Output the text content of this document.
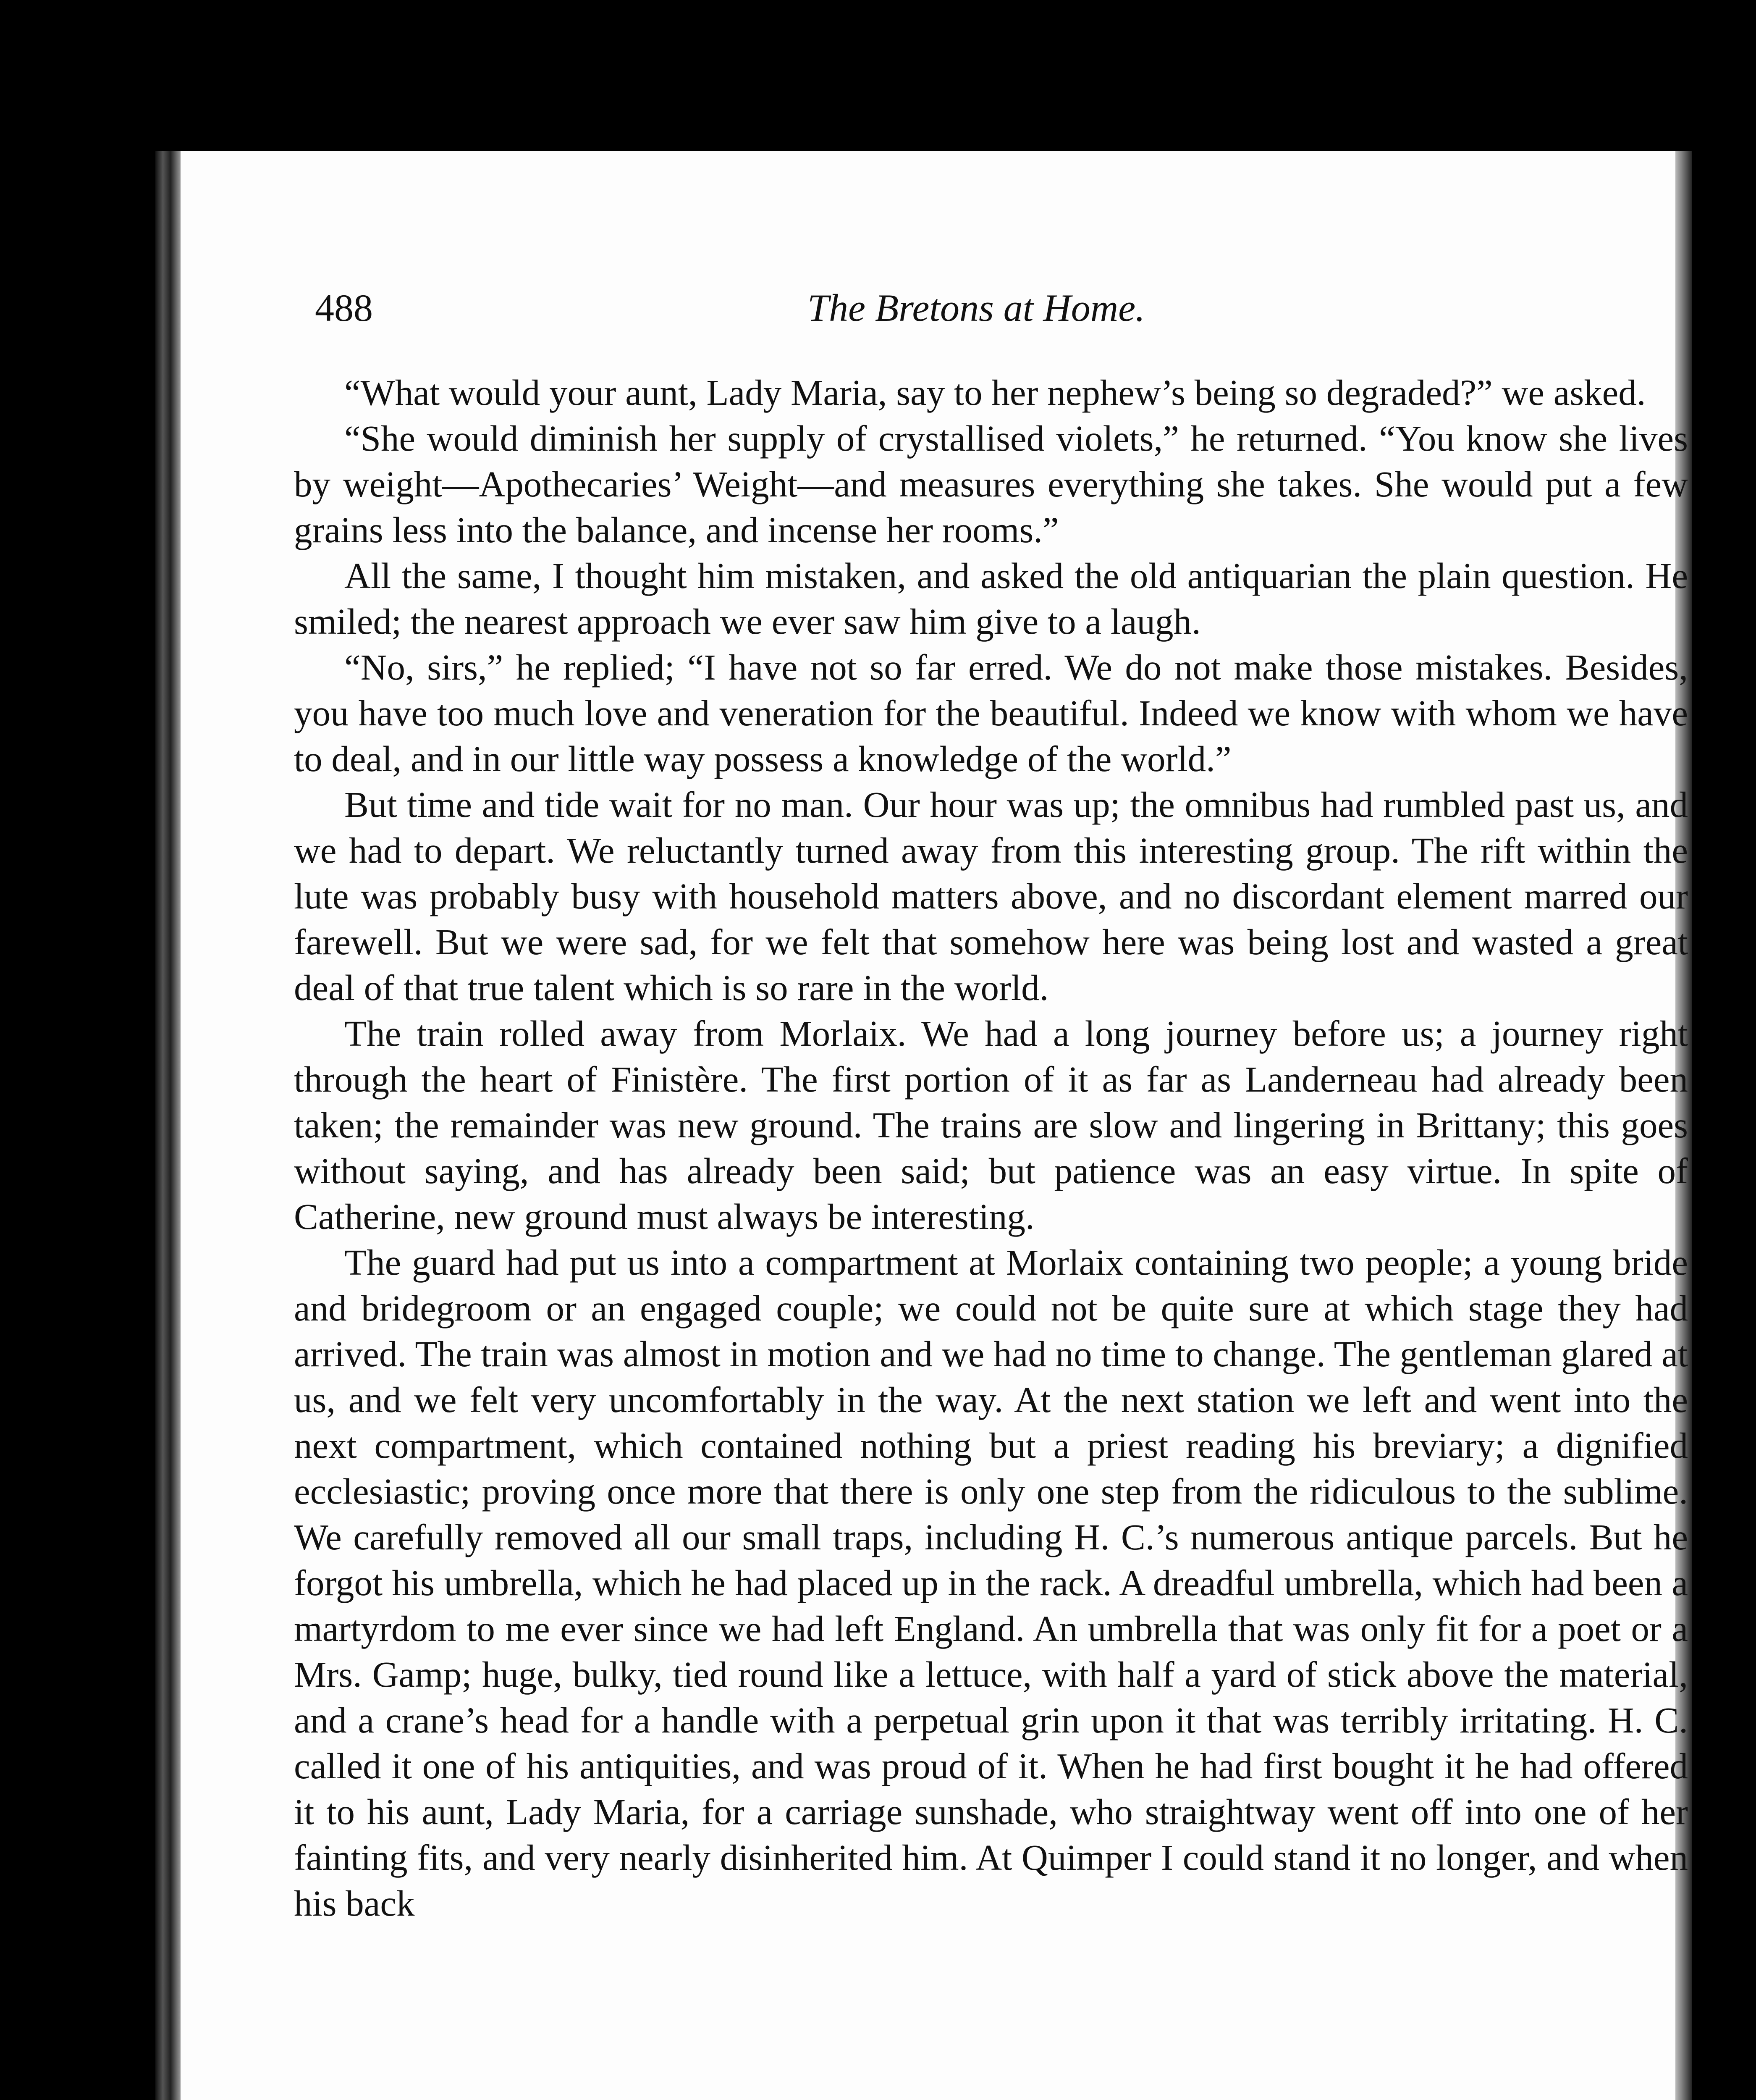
488	The Bretons at Home.

“What would your aunt, Lady Maria, say to her nephew’s being so degraded?” we asked.

“She would diminish her supply of crystallised violets,” he returned. “You know she lives by weight—Apothecaries’ Weight—and measures everything she takes. She would put a few grains less into the balance, and incense her rooms.”

All the same, I thought him mistaken, and asked the old antiquarian the plain question. He smiled; the nearest approach we ever saw him give to a laugh.

“No, sirs,” he replied; “I have not so far erred. We do not make those mistakes. Besides, you have too much love and veneration for the beautiful. Indeed we know with whom we have to deal, and in our little way possess a knowledge of the world.”

But time and tide wait for no man. Our hour was up; the omnibus had rumbled past us, and we had to depart. We reluctantly turned away from this interesting group. The rift within the lute was probably busy with household matters above, and no discordant element marred our farewell. But we were sad, for we felt that somehow here was being lost and wasted a great deal of that true talent which is so rare in the world.

The train rolled away from Morlaix. We had a long journey before us; a journey right through the heart of Finistère. The first portion of it as far as Landerneau had already been taken; the remainder was new ground. The trains are slow and lingering in Brittany; this goes without saying, and has already been said; but patience was an easy virtue. In spite of Catherine, new ground must always be interesting.

The guard had put us into a compartment at Morlaix containing two people; a young bride and bridegroom or an engaged couple; we could not be quite sure at which stage they had arrived. The train was almost in motion and we had no time to change. The gentleman glared at us, and we felt very uncomfortably in the way. At the next station we left and went into the next compartment, which contained nothing but a priest reading his breviary; a dignified ecclesiastic; proving once more that there is only one step from the ridiculous to the sublime. We carefully removed all our small traps, including H. C.’s numerous antique parcels. But he forgot his umbrella, which he had placed up in the rack. A dreadful umbrella, which had been a martyrdom to me ever since we had left England. An umbrella that was only fit for a poet or a Mrs. Gamp; huge, bulky, tied round like a lettuce, with half a yard of stick above the material, and a crane’s head for a handle with a perpetual grin upon it that was terribly irritating. H. C. called it one of his antiquities, and was proud of it. When he had first bought it he had offered it to his aunt, Lady Maria, for a carriage sunshade, who straightway went off into one of her fainting fits, and very nearly disinherited him. At Quimper I could stand it no longer, and when his back
